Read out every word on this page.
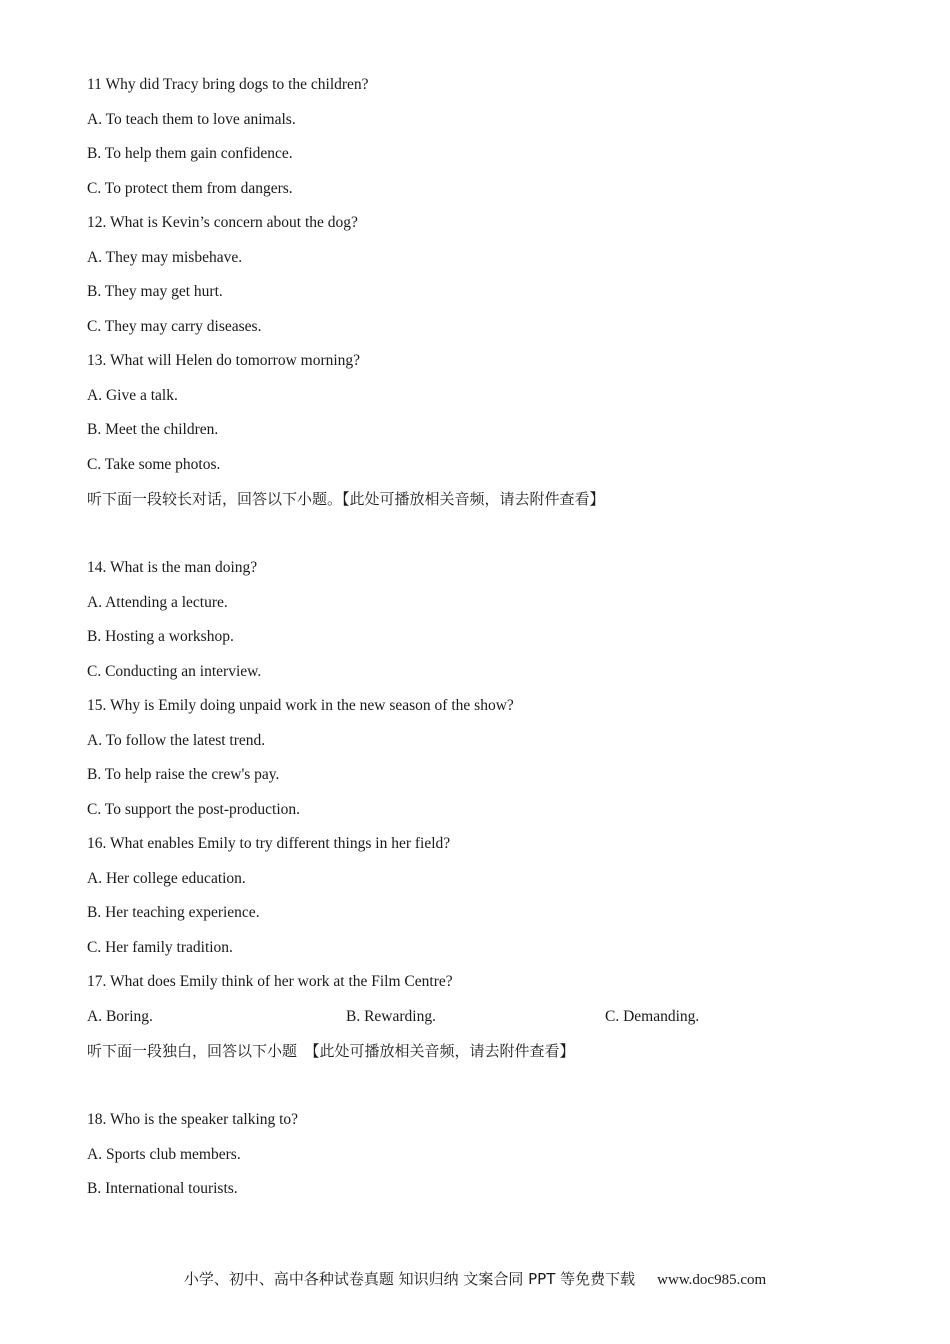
11 Why did Tracy bring dogs to the children?
A. To teach them to love animals.
B. To help them gain confidence.
C. To protect them from dangers.
12. What is Kevin’s concern about the dog?
A. They may misbehave.
B. They may get hurt.
C. They may carry diseases.
13. What will Helen do tomorrow morning?
A. Give a talk.
B. Meet the children.
C. Take some photos.
听下面一段较长对话，回答以下小题。【此处可播放相关音频，请去附件查看】
14. What is the man doing?
A. Attending a lecture.
B. Hosting a workshop.
C. Conducting an interview.
15. Why is Emily doing unpaid work in the new season of the show?
A. To follow the latest trend.
B. To help raise the crew's pay.
C. To support the post-production.
16. What enables Emily to try different things in her field?
A. Her college education.
B. Her teaching experience.
C. Her family tradition.
17. What does Emily think of her work at the Film Centre?
A. Boring.	B. Rewarding.	C. Demanding.
听下面一段独白，回答以下小题　【此处可播放相关音频，请去附件查看】
18. Who is the speaker talking to?
A. Sports club members.
B. International tourists.
小学、初中、高中各种试卷真题 知识归纳 文案合同 PPT 等免费下载 www.doc985.com
